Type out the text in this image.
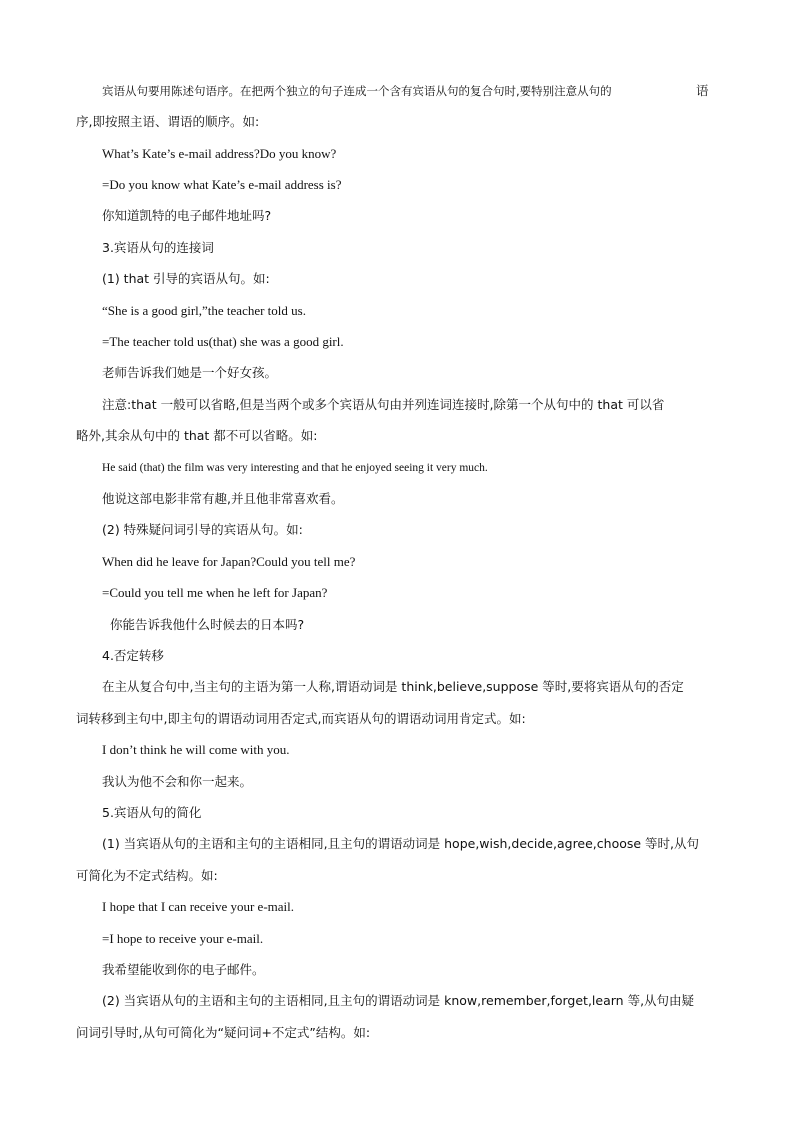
宾语从句要用陈述句语序。在把两个独立的句子连成一个含有宾语从句的复合句时,要特别注意从句的	语
序,即按照主语、谓语的顺序。如:
What’s Kate’s e-mail address?Do you know?
=Do you know what Kate’s e-mail address is?
你知道凯特的电子邮件地址吗?
3.宾语从句的连接词
(1) that 引导的宾语从句。如:
“She is a good girl,”the teacher told us.
=The teacher told us(that) she was a good girl.
老师告诉我们她是一个好女孩。
注意:that 一般可以省略,但是当两个或多个宾语从句由并列连词连接时,除第一个从句中的 that 可以省
略外,其余从句中的 that 都不可以省略。如:
He said (that) the film was very interesting and that he enjoyed seeing it very much.
他说这部电影非常有趣,并且他非常喜欢看。
(2) 特殊疑问词引导的宾语从句。如:
When did he leave for Japan?Could you tell me?
=Could you tell me when he left for Japan?
你能告诉我他什么时候去的日本吗?
4.否定转移
在主从复合句中,当主句的主语为第一人称,谓语动词是 think,believe,suppose 等时,要将宾语从句的否定
词转移到主句中,即主句的谓语动词用否定式,而宾语从句的谓语动词用肯定式。如:
I don’t think he will come with you.
我认为他不会和你一起来。
5.宾语从句的简化
(1) 当宾语从句的主语和主句的主语相同,且主句的谓语动词是 hope,wish,decide,agree,choose 等时,从句
可简化为不定式结构。如:
I hope that I can receive your e-mail.
=I hope to receive your e-mail.
我希望能收到你的电子邮件。
(2) 当宾语从句的主语和主句的主语相同,且主句的谓语动词是 know,remember,forget,learn 等,从句由疑
问词引导时,从句可简化为“疑问词+不定式”结构。如:
